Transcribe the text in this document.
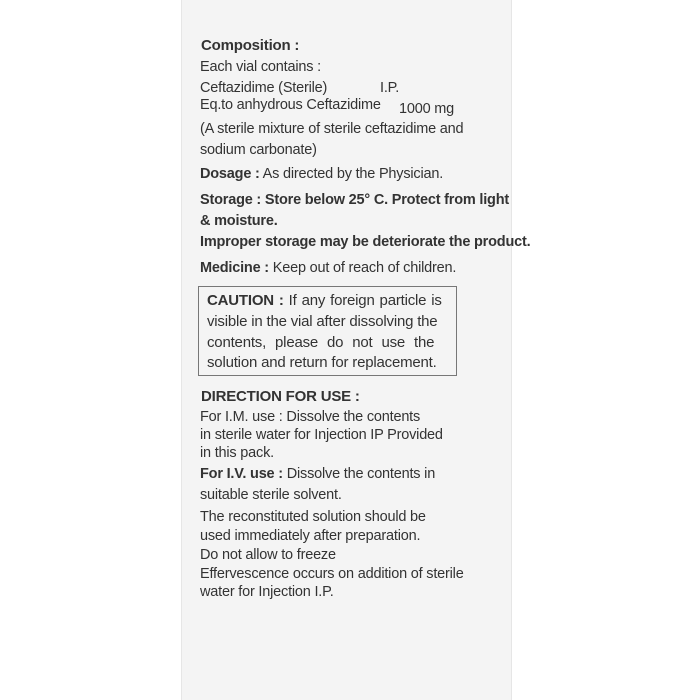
Composition :
Each vial contains :
Ceftazidime (Sterile)	I.P.
Eq.to anhydrous Ceftazidime 1000 mg
(A sterile mixture of sterile ceftazidime and
sodium carbonate)
Dosage : As directed by the Physician.
Storage : Store below 25° C. Protect from light
& moisture.
Improper storage may be deteriorate the product.
Medicine : Keep out of reach of children.
CAUTION : If any foreign particle is
visible in the vial after dissolving the
contents, please do not use the
solution and return for replacement.
DIRECTION FOR USE :
For I.M. use : Dissolve the contents
in sterile water for Injection IP Provided
in this pack.
For I.V. use : Dissolve the contents in
suitable sterile solvent.
The reconstituted solution should be
used immediately after preparation.
Do not allow to freeze
Effervescence occurs on addition of sterile
water for Injection I.P.
